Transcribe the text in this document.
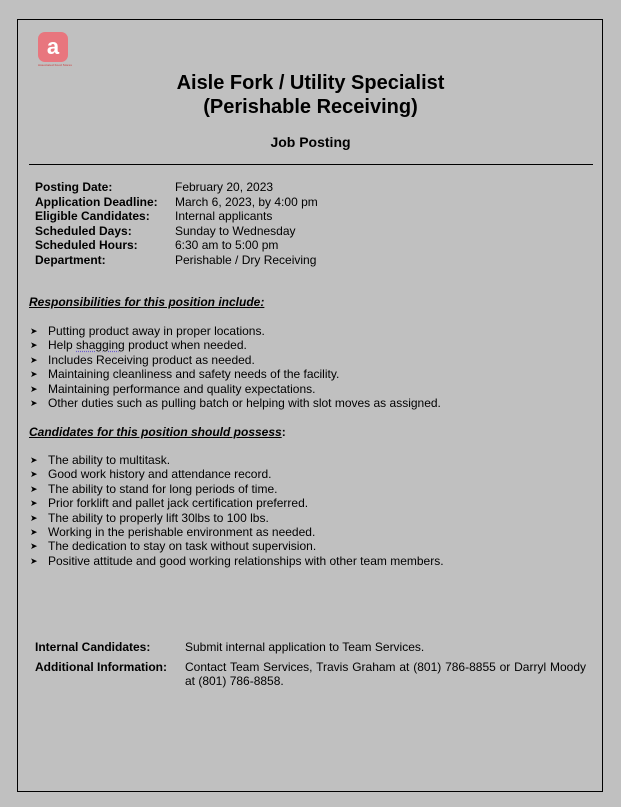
a
Associated Food Stores
Aisle Fork / Utility Specialist
(Perishable Receiving)
Job Posting
Posting Date:	February 20, 2023
Application Deadline:	March 6, 2023, by 4:00 pm
Eligible Candidates:	Internal applicants
Scheduled Days:	Sunday to Wednesday
Scheduled Hours:	6:30 am to 5:00 pm
Department:	Perishable / Dry Receiving
Responsibilities for this position include:
➤ Putting product away in proper locations.
➤ Help shagging product when needed.
➤ Includes Receiving product as needed.
➤ Maintaining cleanliness and safety needs of the facility.
➤ Maintaining performance and quality expectations.
➤ Other duties such as pulling batch or helping with slot moves as assigned.
Candidates for this position should possess:
➤ The ability to multitask.
➤ Good work history and attendance record.
➤ The ability to stand for long periods of time.
➤ Prior forklift and pallet jack certification preferred.
➤ The ability to properly lift 30lbs to 100 lbs.
➤ Working in the perishable environment as needed.
➤ The dedication to stay on task without supervision.
➤ Positive attitude and good working relationships with other team members.
Internal Candidates:	Submit internal application to Team Services.
Additional Information:	Contact Team Services, Travis Graham at (801) 786-8855 or Darryl Moody at (801) 786-8858.
